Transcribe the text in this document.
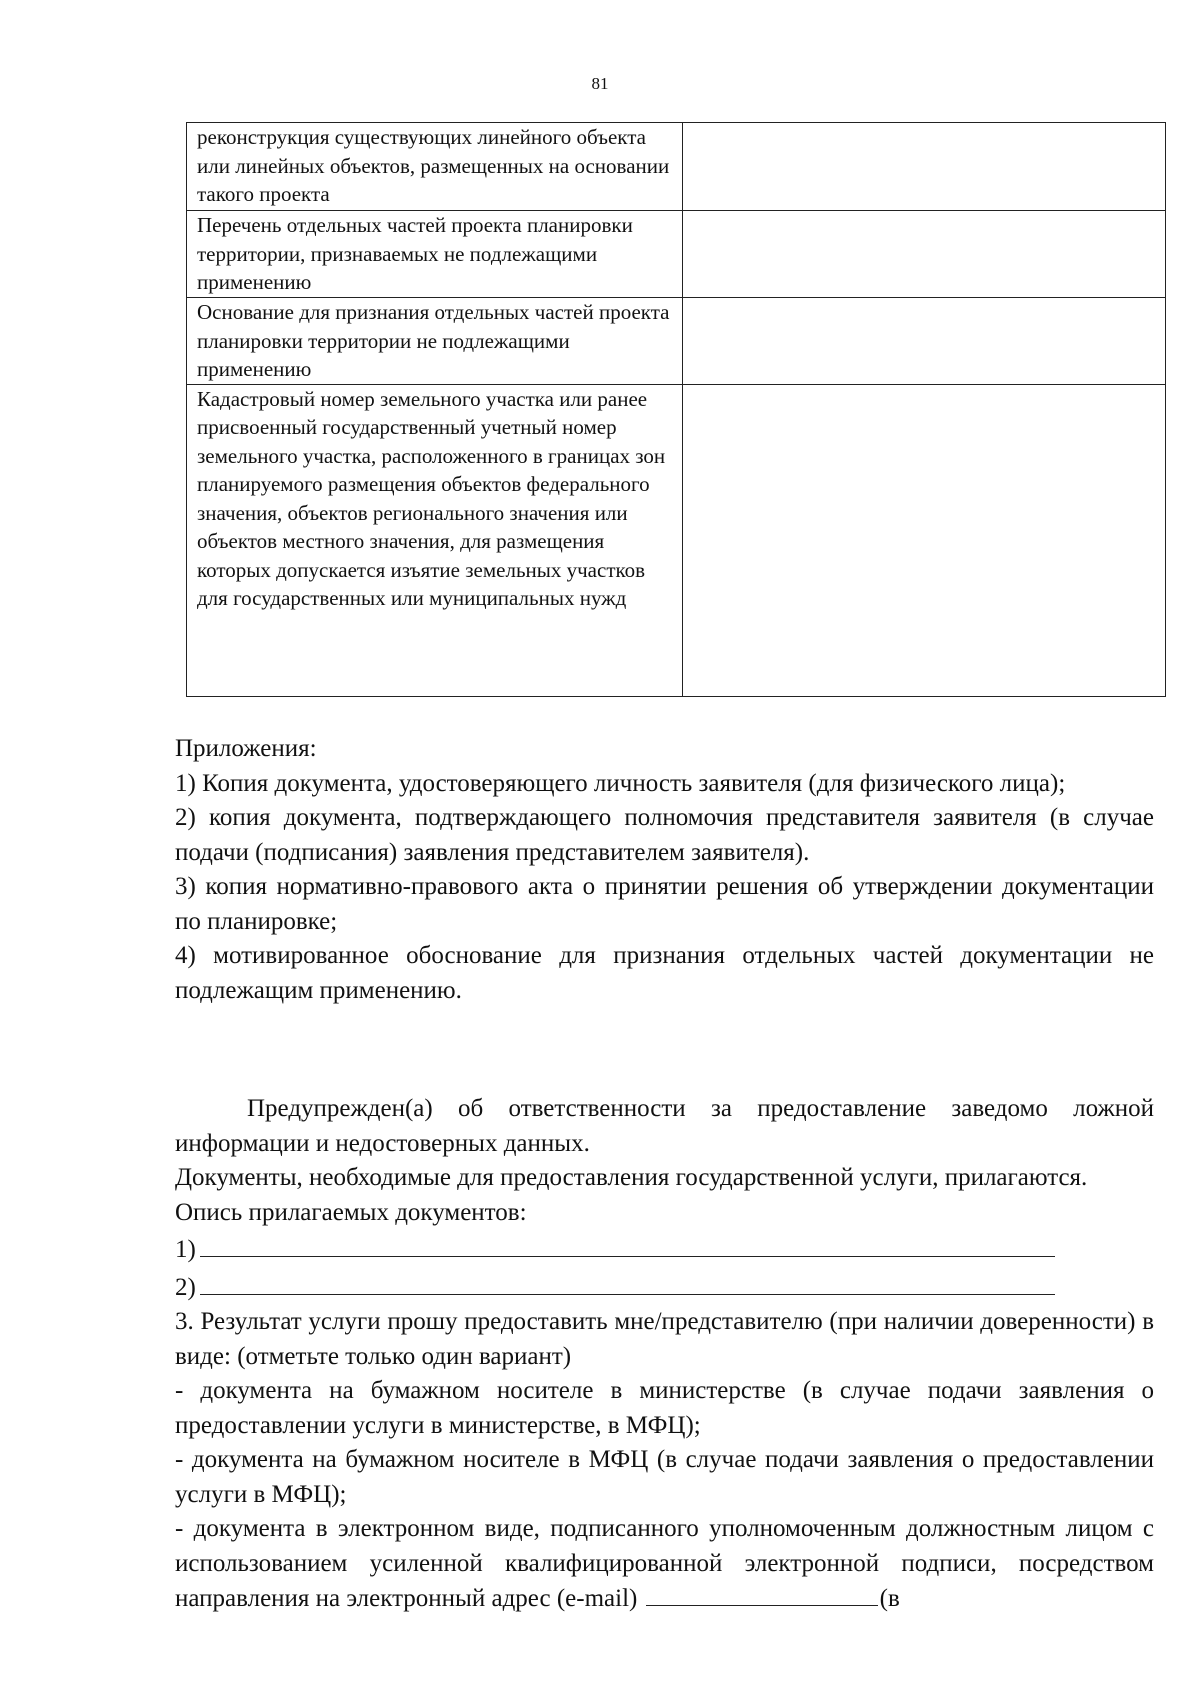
81
реконструкция существующих линейного объекта или линейных объектов, размещенных на основании такого проекта	
Перечень отдельных частей проекта планировки территории, признаваемых не подлежащими применению	
Основание для признания отдельных частей проекта планировки территории не подлежащими применению	
Кадастровый номер земельного участка или ранее присвоенный государственный учетный номер земельного участка, расположенного в границах зон планируемого размещения объектов федерального значения, объектов регионального значения или объектов местного значения, для размещения которых допускается изъятие земельных участков для государственных или муниципальных нужд	

Приложения:

1) Копия документа, удостоверяющего личность заявителя (для физического лица);

2) копия документа, подтверждающего полномочия представителя заявителя (в случае подачи (подписания) заявления представителем заявителя).

3) копия нормативно-правового акта о принятии решения об утверждении документации по планировке;

4) мотивированное обоснование для признания отдельных частей документации не подлежащим применению.

Предупрежден(а) об ответственности за предоставление заведомо ложной информации и недостоверных данных.

Документы, необходимые для предоставления государственной услуги, прилагаются.

Опись прилагаемых документов:

1)

2)

3. Результат услуги прошу предоставить мне/представителю (при наличии доверенности) в виде: (отметьте только один вариант)

- документа на бумажном носителе в министерстве (в случае подачи заявления о предоставлении услуги в министерстве, в МФЦ);

- документа на бумажном носителе в МФЦ (в случае подачи заявления о предоставлении услуги в МФЦ);

- документа в электронном виде, подписанного уполномоченным должностным лицом с использованием усиленной квалифицированной электронной подписи, посредством направления на электронный адрес (e-mail)	(в
